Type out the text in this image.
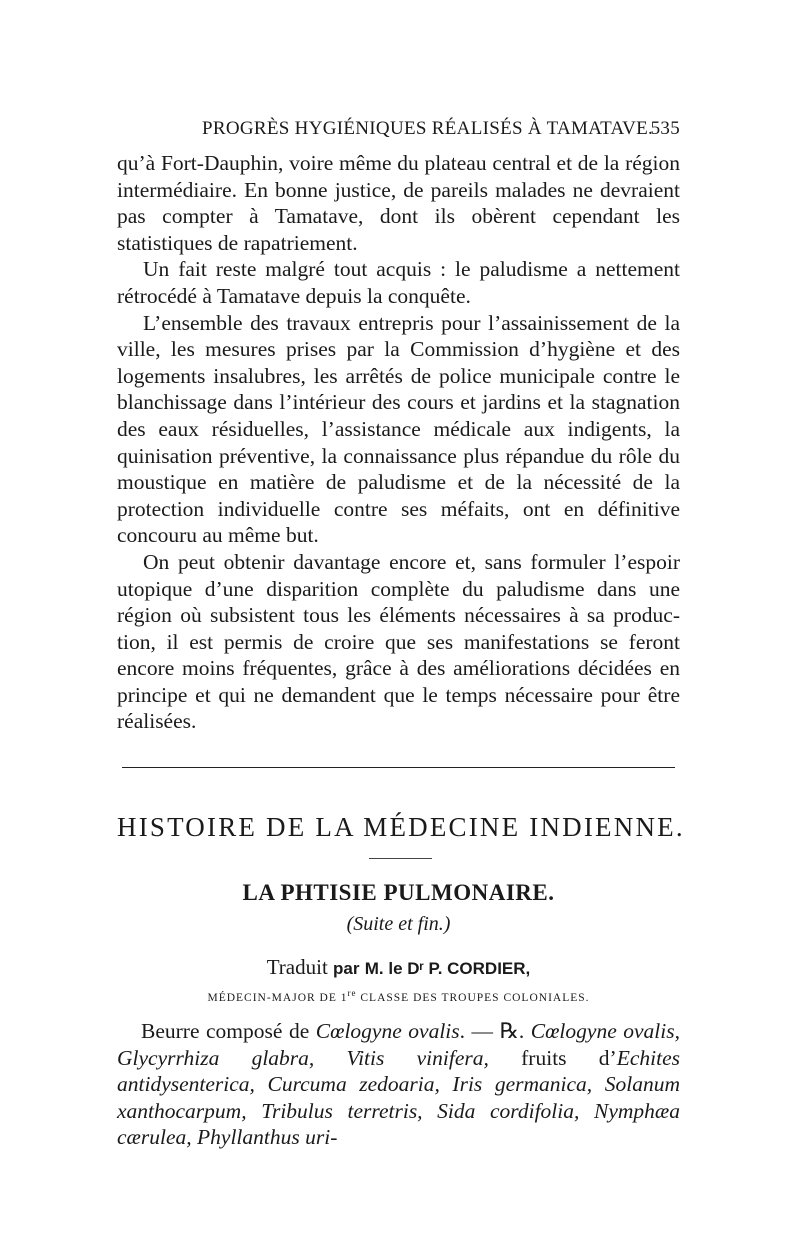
PROGRÈS HYGIÉNIQUES RÉALISÉS À TAMATAVE.
535

qu’à Fort-Dauphin, voire même du plateau central et de la région intermédiaire. En bonne justice, de pareils malades ne devraient pas compter à Tamatave, dont ils obèrent cependant les statistiques de rapatriement.

Un fait reste malgré tout acquis : le paludisme a nettement rétrocédé à Tamatave depuis la conquête.

L’ensemble des travaux entrepris pour l’assainissement de la ville, les mesures prises par la Commission d’hygiène et des logements insalubres, les arrêtés de police municipale contre le blanchissage dans l’intérieur des cours et jardins et la stagnation des eaux résiduelles, l’assistance médicale aux indigents, la quinisation préventive, la connaissance plus répandue du rôle du moustique en matière de paludisme et de la nécessité de la protection individuelle contre ses méfaits, ont en définitive concouru au même but.

On peut obtenir davantage encore et, sans formuler l’espoir utopique d’une disparition complète du paludisme dans une région où subsistent tous les éléments nécessaires à sa production, il est permis de croire que ses manifestations se feront encore moins fréquentes, grâce à des améliorations décidées en principe et qui ne demandent que le temps nécessaire pour être réalisées.

HISTOIRE DE LA MÉDECINE INDIENNE.
LA PHTISIE PULMONAIRE.
(Suite et fin.)
Traduit par M. le Dʳ P. CORDIER,
MÉDECIN-MAJOR DE 1re CLASSE DES TROUPES COLONIALES.

Beurre composé de Cœlogyne ovalis. — ℞. Cœlogyne ovalis, Glycyrrhiza glabra, Vitis vinifera, fruits d’Echites antidysenterica, Curcuma zedoaria, Iris germanica, Solanum xanthocarpum, Tribulus terretris, Sida cordifolia, Nymphæa cærulea, Phyllanthus uri-
